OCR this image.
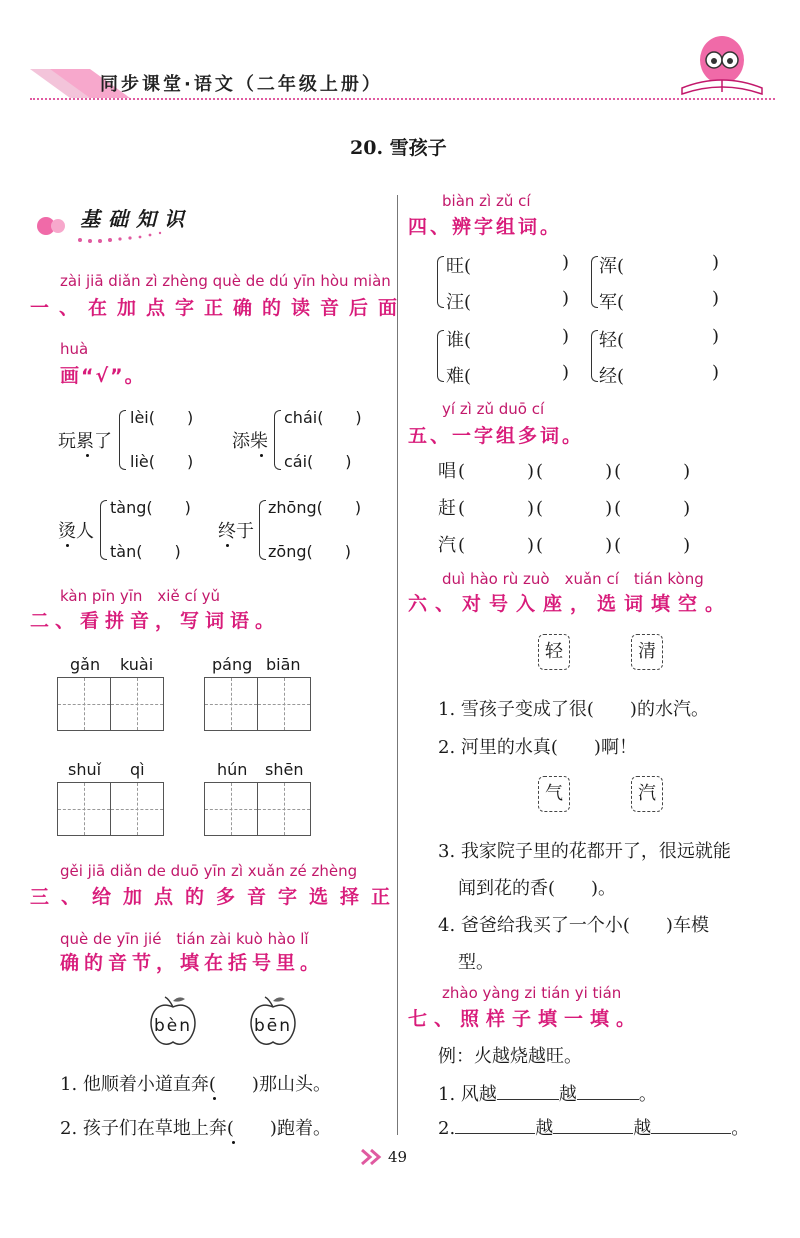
同步课堂·语文（二年级上册）
20. 雪孩子
基础知识
zài jiā diǎn zì zhèng què de dú yīn hòu miàn
一、在加点字正确的读音后面
huà
画“√”。
玩累了
lèi(　　)
liè(　　)
添柴
chái(　　)
cái(　　)
烫人
tàng(　　)
tàn(　　)
终于
zhōng(　　)
zōng(　　)
kàn pīn yīn　xiě cí yǔ
二、看拼音，写词语。
gǎn kuài	páng biān
shuǐ qì	hún shēn
gěi jiā diǎn de duō yīn zì xuǎn zé zhèng
三、给加点的多音字选择正
què de yīn jié　tián zài kuò hào lǐ
确的音节，填在括号里。
bèn	bēn
1. 他顺着小道直奔(　　)那山头。
2. 孩子们在草地上奔(　　)跑着。
biàn zì zǔ cí
四、辨字组词。
旺(	)
汪(	)
浑(	)
军(	)
谁(	)
难(	)
轻(	)
经(	)
yí zì zǔ duō cí
五、一字组多词。
唱(　　　)(　　　)(　　　)
赶(　　　)(　　　)(　　　)
汽(　　　)(　　　)(　　　)
duì hào rù zuò　xuǎn cí　tián kòng
六、对号入座，选词填空。
轻	清
1. 雪孩子变成了很(　　)的水汽。
2. 河里的水真(　　)啊！
气	汽
3. 我家院子里的花都开了，很远就能
闻到花的香(　　)。
4. 爸爸给我买了一个小(　　)车模
型。
zhào yàng zi tián yi tián
七、照样子填一填。
例：火越烧越旺。
1. 风越	越	。
2.	越	越	。
49
